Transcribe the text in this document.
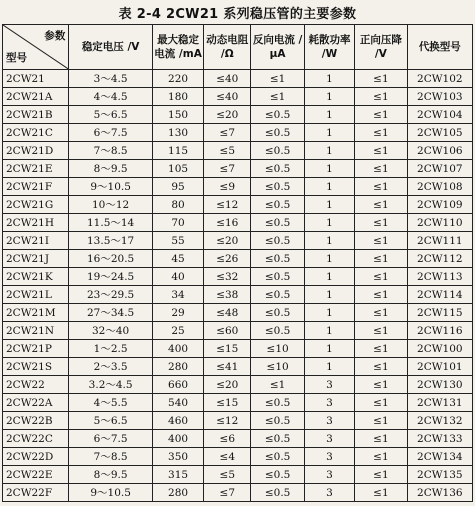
表 2-4 2CW21 系列稳压管的主要参数
参数
型号	稳定电压 /V	最大稳定电流 /mA	动态电阻 /Ω	反向电流 /μA	耗散功率 /W	正向压降 /V	代换型号
2CW21	3～4.5	220	≤40	≤1	1	≤1	2CW102
2CW21A	4～4.5	180	≤40	≤1	1	≤1	2CW103
2CW21B	5～6.5	150	≤20	≤0.5	1	≤1	2CW104
2CW21C	6～7.5	130	≤7	≤0.5	1	≤1	2CW105
2CW21D	7～8.5	115	≤5	≤0.5	1	≤1	2CW106
2CW21E	8～9.5	105	≤7	≤0.5	1	≤1	2CW107
2CW21F	9～10.5	95	≤9	≤0.5	1	≤1	2CW108
2CW21G	10～12	80	≤12	≤0.5	1	≤1	2CW109
2CW21H	11.5～14	70	≤16	≤0.5	1	≤1	2CW110
2CW21I	13.5～17	55	≤20	≤0.5	1	≤1	2CW111
2CW21J	16～20.5	45	≤26	≤0.5	1	≤1	2CW112
2CW21K	19～24.5	40	≤32	≤0.5	1	≤1	2CW113
2CW21L	23～29.5	34	≤38	≤0.5	1	≤1	2CW114
2CW21M	27～34.5	29	≤48	≤0.5	1	≤1	2CW115
2CW21N	32～40	25	≤60	≤0.5	1	≤1	2CW116
2CW21P	1～2.5	400	≤15	≤10	1	≤1	2CW100
2CW21S	2～3.5	280	≤41	≤10	1	≤1	2CW101
2CW22	3.2～4.5	660	≤20	≤1	3	≤1	2CW130
2CW22A	4～5.5	540	≤15	≤0.5	3	≤1	2CW131
2CW22B	5～6.5	460	≤12	≤0.5	3	≤1	2CW132
2CW22C	6～7.5	400	≤6	≤0.5	3	≤1	2CW133
2CW22D	7～8.5	350	≤4	≤0.5	3	≤1	2CW134
2CW22E	8～9.5	315	≤5	≤0.5	3	≤1	2CW135
2CW22F	9～10.5	280	≤7	≤0.5	3	≤1	2CW136
